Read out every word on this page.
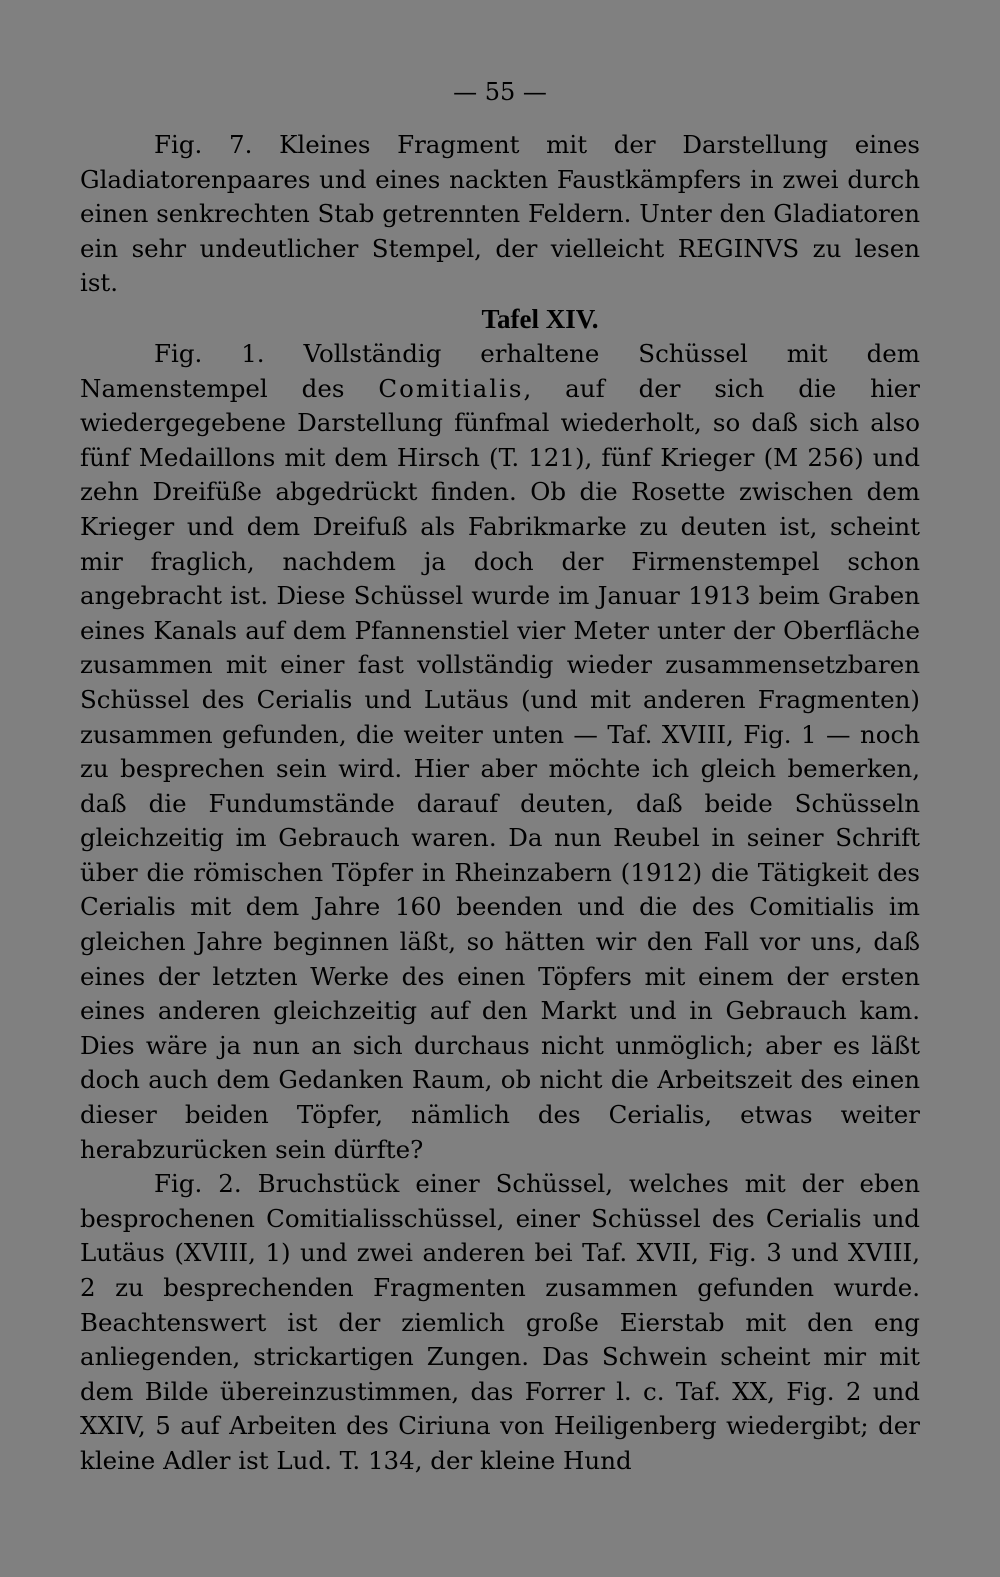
— 55 —

Fig. 7. Kleines Fragment mit der Darstellung eines Gladiatorenpaares und eines nackten Faustkämpfers in zwei durch einen senkrechten Stab getrennten Feldern. Unter den Gladiatoren ein sehr undeutlicher Stempel, der vielleicht REGINVS zu lesen ist.

Tafel XIV.

Fig. 1. Vollständig erhaltene Schüssel mit dem Namenstempel des Comitialis, auf der sich die hier wiedergegebene Darstellung fünfmal wiederholt, so daß sich also fünf Medaillons mit dem Hirsch (T. 121), fünf Krieger (M 256) und zehn Dreifüße abgedrückt finden. Ob die Rosette zwischen dem Krieger und dem Dreifuß als Fabrikmarke zu deuten ist, scheint mir fraglich, nachdem ja doch der Firmenstempel schon angebracht ist. Diese Schüssel wurde im Januar 1913 beim Graben eines Kanals auf dem Pfannenstiel vier Meter unter der Oberfläche zusammen mit einer fast vollständig wieder zusammensetzbaren Schüssel des Cerialis und Lutäus (und mit anderen Fragmenten) zusammen gefunden, die weiter unten — Taf. XVIII, Fig. 1 — noch zu besprechen sein wird. Hier aber möchte ich gleich bemerken, daß die Fundumstände darauf deuten, daß beide Schüsseln gleichzeitig im Gebrauch waren. Da nun Reubel in seiner Schrift über die römischen Töpfer in Rheinzabern (1912) die Tätigkeit des Cerialis mit dem Jahre 160 beenden und die des Comitialis im gleichen Jahre beginnen läßt, so hätten wir den Fall vor uns, daß eines der letzten Werke des einen Töpfers mit einem der ersten eines anderen gleichzeitig auf den Markt und in Gebrauch kam. Dies wäre ja nun an sich durchaus nicht unmöglich; aber es läßt doch auch dem Gedanken Raum, ob nicht die Arbeitszeit des einen dieser beiden Töpfer, nämlich des Cerialis, etwas weiter herabzurücken sein dürfte?

Fig. 2. Bruchstück einer Schüssel, welches mit der eben besprochenen Comitialisschüssel, einer Schüssel des Cerialis und Lutäus (XVIII, 1) und zwei anderen bei Taf. XVII, Fig. 3 und XVIII, 2 zu besprechenden Fragmenten zusammen gefunden wurde. Beachtenswert ist der ziemlich große Eierstab mit den eng anliegenden, strickartigen Zungen. Das Schwein scheint mir mit dem Bilde übereinzustimmen, das Forrer l. c. Taf. XX, Fig. 2 und XXIV, 5 auf Arbeiten des Ciriuna von Heiligenberg wiedergibt; der kleine Adler ist Lud. T. 134, der kleine Hund
